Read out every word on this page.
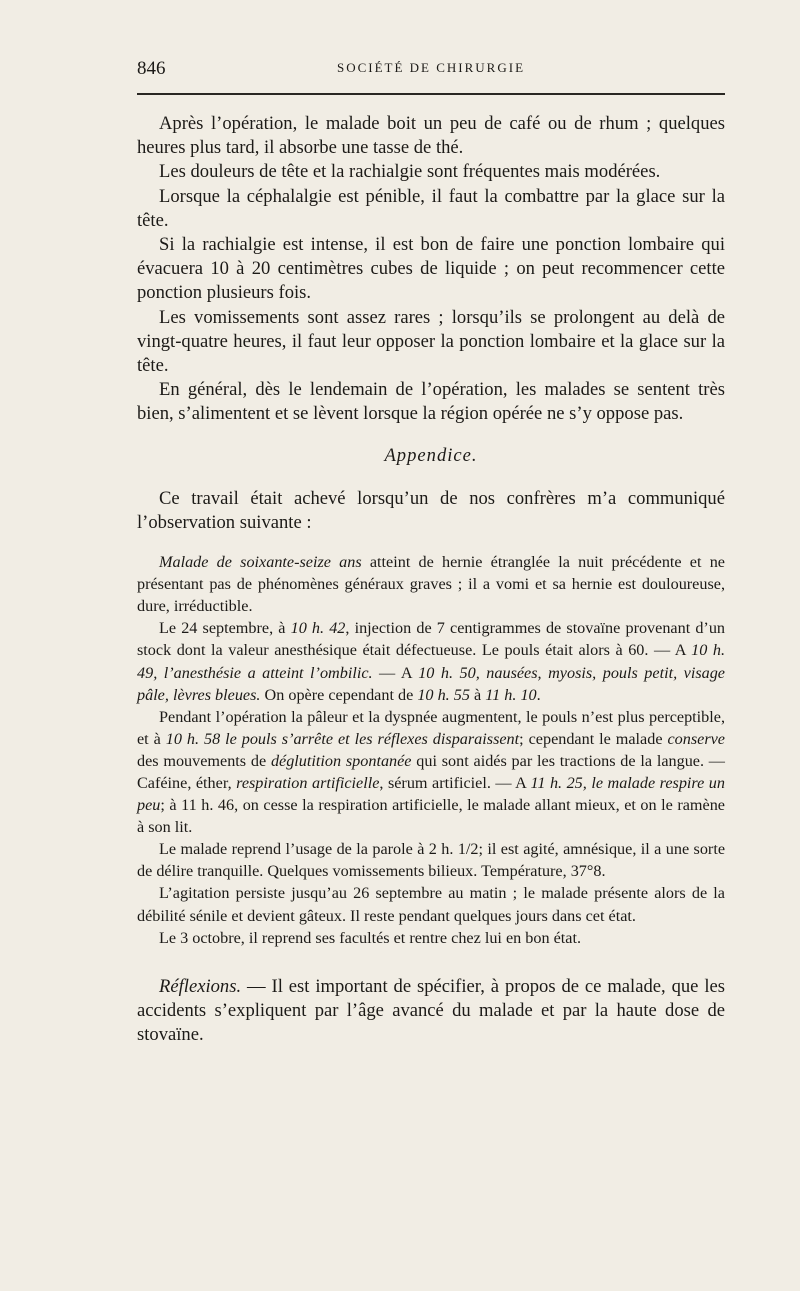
846	SOCIÉTÉ DE CHIRURGIE

Après l’opération, le malade boit un peu de café ou de rhum ; quelques heures plus tard, il absorbe une tasse de thé.

Les douleurs de tête et la rachialgie sont fréquentes mais modérées.

Lorsque la céphalalgie est pénible, il faut la combattre par la glace sur la tête.

Si la rachialgie est intense, il est bon de faire une ponction lombaire qui évacuera 10 à 20 centimètres cubes de liquide ; on peut recommencer cette ponction plusieurs fois.

Les vomissements sont assez rares ; lorsqu’ils se prolongent au delà de vingt-quatre heures, il faut leur opposer la ponction lombaire et la glace sur la tête.

En général, dès le lendemain de l’opération, les malades se sentent très bien, s’alimentent et se lèvent lorsque la région opérée ne s’y oppose pas.

Appendice.

Ce travail était achevé lorsqu’un de nos confrères m’a communiqué l’observation suivante :

Malade de soixante-seize ans atteint de hernie étranglée la nuit précédente et ne présentant pas de phénomènes généraux graves ; il a vomi et sa hernie est douloureuse, dure, irréductible.

Le 24 septembre, à 10 h. 42, injection de 7 centigrammes de stovaïne provenant d’un stock dont la valeur anesthésique était défectueuse. Le pouls était alors à 60. — A 10 h. 49, l’anesthésie a atteint l’ombilic. — A 10 h. 50, nausées, myosis, pouls petit, visage pâle, lèvres bleues. On opère cependant de 10 h. 55 à 11 h. 10.

Pendant l’opération la pâleur et la dyspnée augmentent, le pouls n’est plus perceptible, et à 10 h. 58 le pouls s’arrête et les réflexes disparaissent; cependant le malade conserve des mouvements de déglutition spontanée qui sont aidés par les tractions de la langue. — Caféine, éther, respiration artificielle, sérum artificiel. — A 11 h. 25, le malade respire un peu; à 11 h. 46, on cesse la respiration artificielle, le malade allant mieux, et on le ramène à son lit.

Le malade reprend l’usage de la parole à 2 h. 1/2; il est agité, amnésique, il a une sorte de délire tranquille. Quelques vomissements bilieux. Température, 37°8.

L’agitation persiste jusqu’au 26 septembre au matin ; le malade présente alors de la débilité sénile et devient gâteux. Il reste pendant quelques jours dans cet état.

Le 3 octobre, il reprend ses facultés et rentre chez lui en bon état.

Réflexions. — Il est important de spécifier, à propos de ce malade, que les accidents s’expliquent par l’âge avancé du malade et par la haute dose de stovaïne.
